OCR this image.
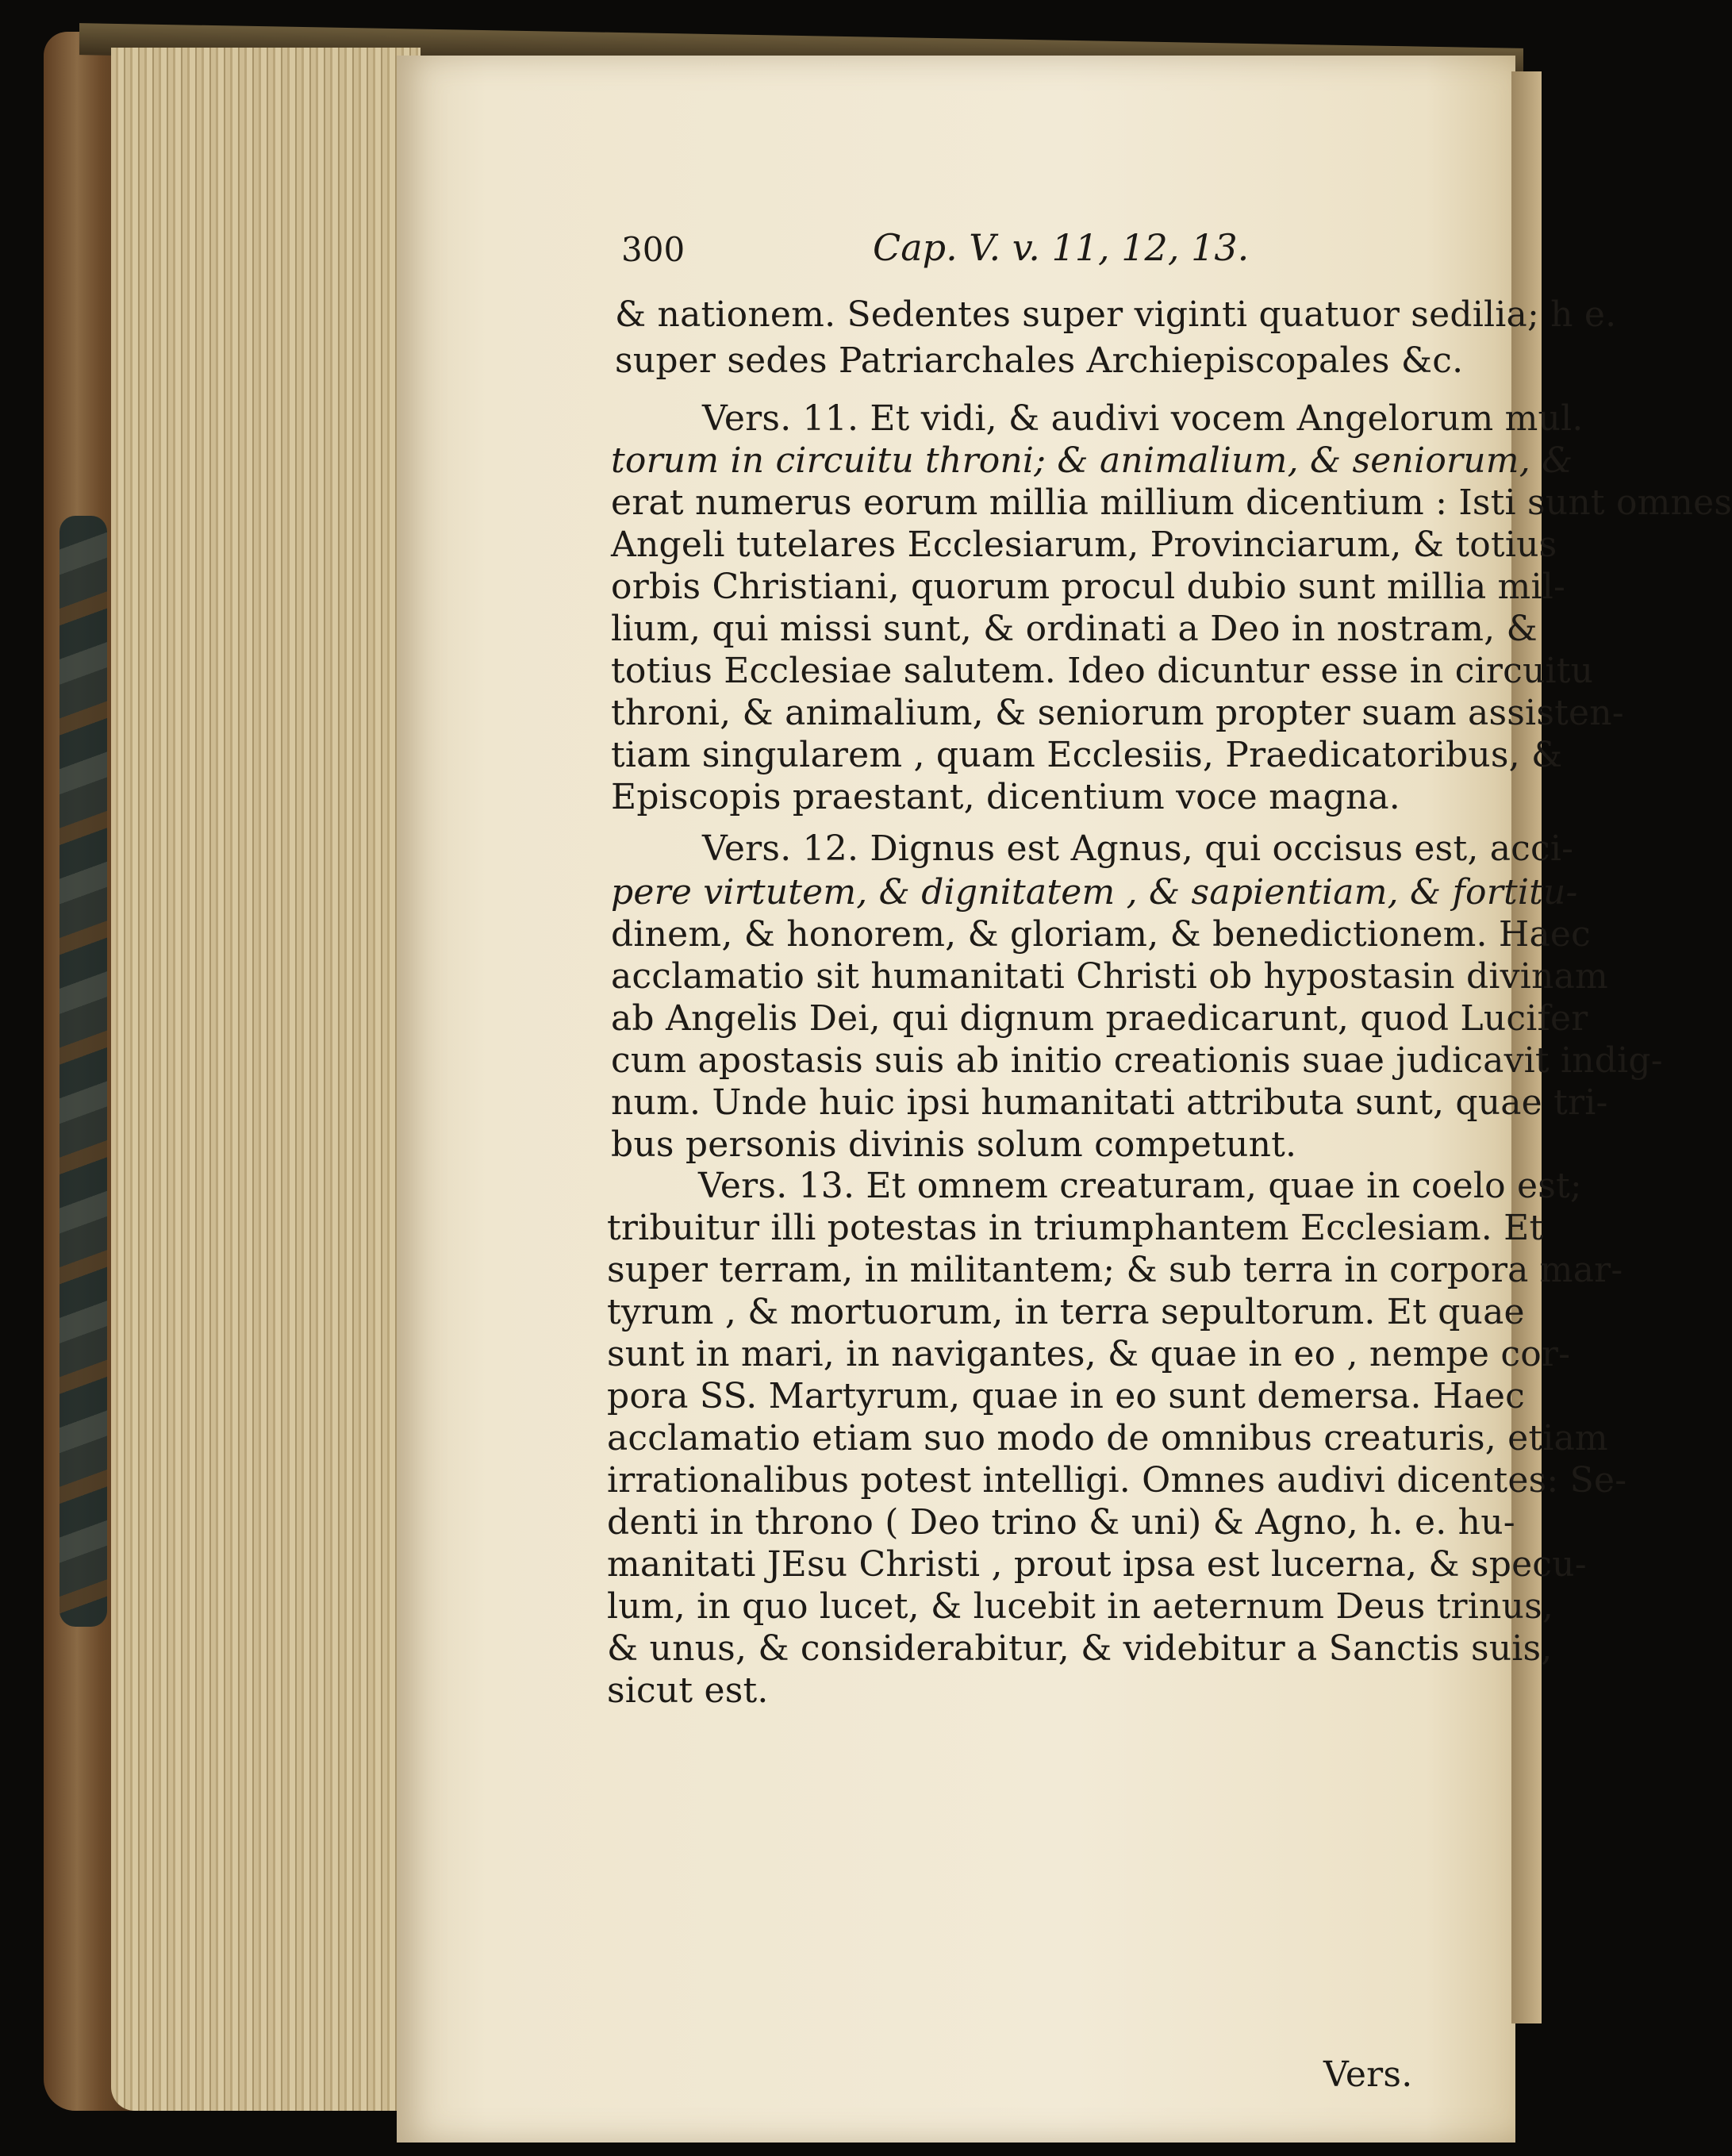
300	Cap. V. v. 11, 12, 13.
& nationem. Sedentes super viginti quatuor sedilia; h e.
super sedes Patriarchales Archiepiscopales &c.
Vers. 11. Et vidi, & audivi vocem Angelorum mul.
torum in circuitu throni; & animalium, & seniorum, &
erat numerus eorum millia millium dicentium : Isti sunt omnes
Angeli tutelares Ecclesiarum, Provinciarum, & totius
orbis Christiani, quorum procul dubio sunt millia mil-
lium, qui missi sunt, & ordinati a Deo in nostram, &
totius Ecclesiae salutem. Ideo dicuntur esse in circuitu
throni, & animalium, & seniorum propter suam assisten-
tiam singularem , quam Ecclesiis, Praedicatoribus, &
Episcopis praestant, dicentium voce magna.
Vers. 12. Dignus est Agnus, qui occisus est, acci-
pere virtutem, & dignitatem , & sapientiam, & fortitu-
dinem, & honorem, & gloriam, & benedictionem. Haec
acclamatio sit humanitati Christi ob hypostasin divinam
ab Angelis Dei, qui dignum praedicarunt, quod Lucifer
cum apostasis suis ab initio creationis suae judicavit indig-
num. Unde huic ipsi humanitati attributa sunt, quae tri-
bus personis divinis solum competunt.
Vers. 13. Et omnem creaturam, quae in coelo est;
tribuitur illi potestas in triumphantem Ecclesiam. Et
super terram, in militantem; & sub terra in corpora mar-
tyrum , & mortuorum, in terra sepultorum. Et quae
sunt in mari, in navigantes, & quae in eo , nempe cor-
pora SS. Martyrum, quae in eo sunt demersa. Haec
acclamatio etiam suo modo de omnibus creaturis, etiam
irrationalibus potest intelligi. Omnes audivi dicentes: Se-
denti in throno ( Deo trino & uni) & Agno, h. e. hu-
manitati JEsu Christi , prout ipsa est lucerna, & specu-
lum, in quo lucet, & lucebit in aeternum Deus trinus,
& unus, & considerabitur, & videbitur a Sanctis suis,
sicut est.
Vers.
